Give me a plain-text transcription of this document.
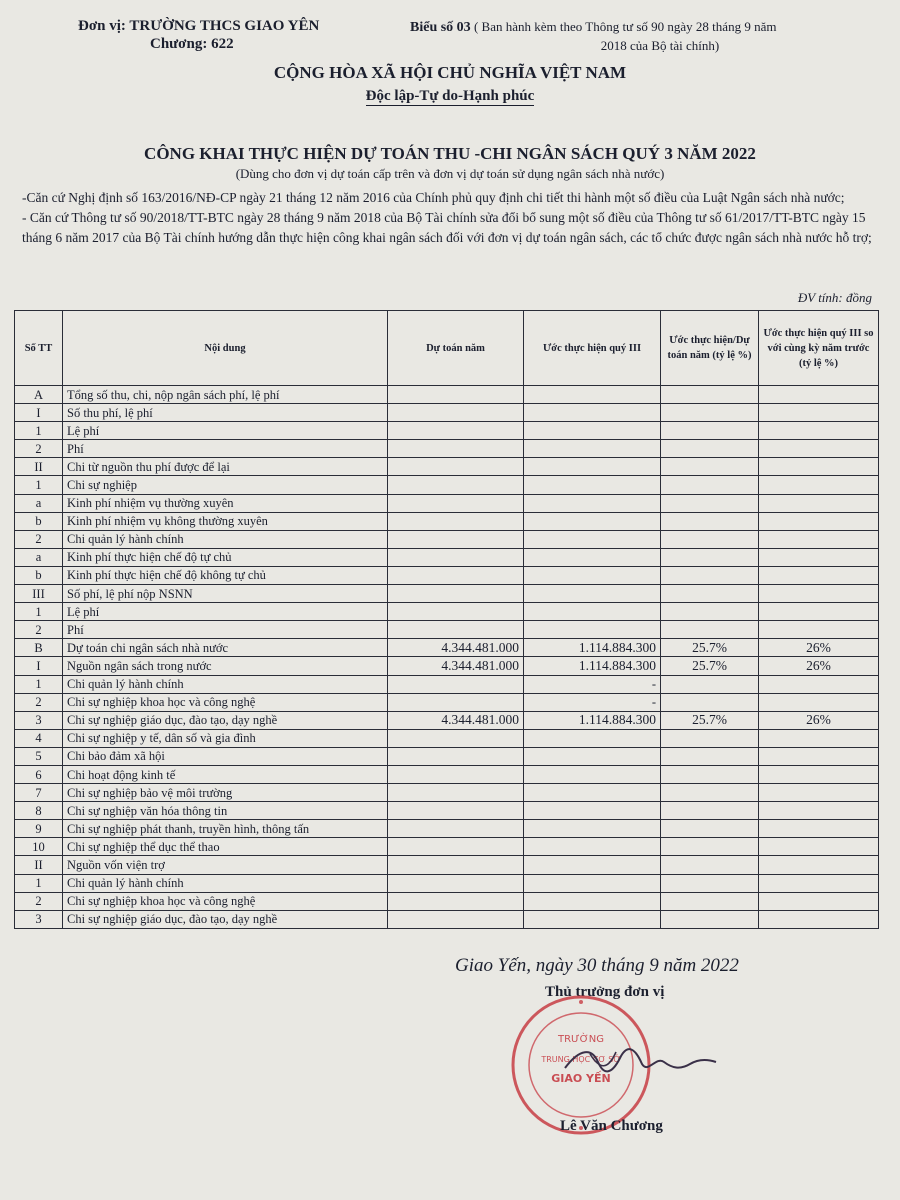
Đơn vị: TRƯỜNG THCS GIAO YÊN
Chương: 622
Biểu số 03 ( Ban hành kèm theo Thông tư số 90 ngày 28 tháng 9 năm
2018 của Bộ tài chính)
CỘNG HÒA XÃ HỘI CHỦ NGHĨA VIỆT NAM
Độc lập-Tự do-Hạnh phúc
CÔNG KHAI THỰC HIỆN DỰ TOÁN THU -CHI NGÂN SÁCH QUÝ 3 NĂM 2022
(Dùng cho đơn vị dự toán cấp trên và đơn vị dự toán sử dụng ngân sách nhà nước)

-Căn cứ Nghị định số 163/2016/NĐ-CP ngày 21 tháng 12 năm 2016 của Chính phủ quy định chi tiết thi hành một số điều của Luật Ngân sách nhà nước;

- Căn cứ Thông tư số 90/2018/TT-BTC ngày 28 tháng 9 năm 2018 của Bộ Tài chính sửa đổi bổ sung một số điều của Thông tư số 61/2017/TT-BTC ngày 15 tháng 6 năm 2017 của Bộ Tài chính hướng dẫn thực hiện công khai ngân sách đối với đơn vị dự toán ngân sách, các tổ chức được ngân sách nhà nước hỗ trợ;

ĐV tính: đồng
Số TT	Nội dung	Dự toán năm	Ước thực hiện quý III	Ước thực hiện/Dự toán năm (tỷ lệ %)	Ước thực hiện quý III so với cùng kỳ năm trước (tỷ lệ %)
A	Tổng số thu, chi, nộp ngân sách phí, lệ phí				
I	Số thu phí, lệ phí				
1	Lệ phí				
2	Phí				
II	Chi từ nguồn thu phí được để lại				
1	Chi sự nghiệp				
a	Kinh phí nhiệm vụ thường xuyên				
b	Kinh phí nhiệm vụ không thường xuyên				
2	Chi quản lý hành chính				
a	Kinh phí thực hiện chế độ tự chủ				
b	Kinh phí thực hiện chế độ không tự chủ				
III	Số phí, lệ phí nộp NSNN				
1	Lệ phí				
2	Phí				
B	Dự toán chi ngân sách nhà nước	4.344.481.000	1.114.884.300	25.7%	26%
I	Nguồn ngân sách trong nước	4.344.481.000	1.114.884.300	25.7%	26%
1	Chi quản lý hành chính		-		
2	Chi sự nghiệp khoa học và công nghệ		-		
3	Chi sự nghiệp giáo dục, đào tạo, dạy nghề	4.344.481.000	1.114.884.300	25.7%	26%
4	Chi sự nghiệp y tế, dân số và gia đình				
5	Chi bảo đảm xã hội				
6	Chi hoạt động kinh tế				
7	Chi sự nghiệp bảo vệ môi trường				
8	Chi sự nghiệp văn hóa thông tin				
9	Chi sự nghiệp phát thanh, truyền hình, thông tấn				
10	Chi sự nghiệp thể dục thể thao				
II	Nguồn vốn viện trợ				
1	Chi quản lý hành chính				
2	Chi sự nghiệp khoa học và công nghệ				
3	Chi sự nghiệp giáo dục, đào tạo, dạy nghề				
Giao Yến, ngày 30 tháng 9 năm 2022
Thủ trưởng đơn vị
TRƯỜNG
TRUNG HỌC CƠ SỞ
GIAO YẾN
Lê Văn Chương
